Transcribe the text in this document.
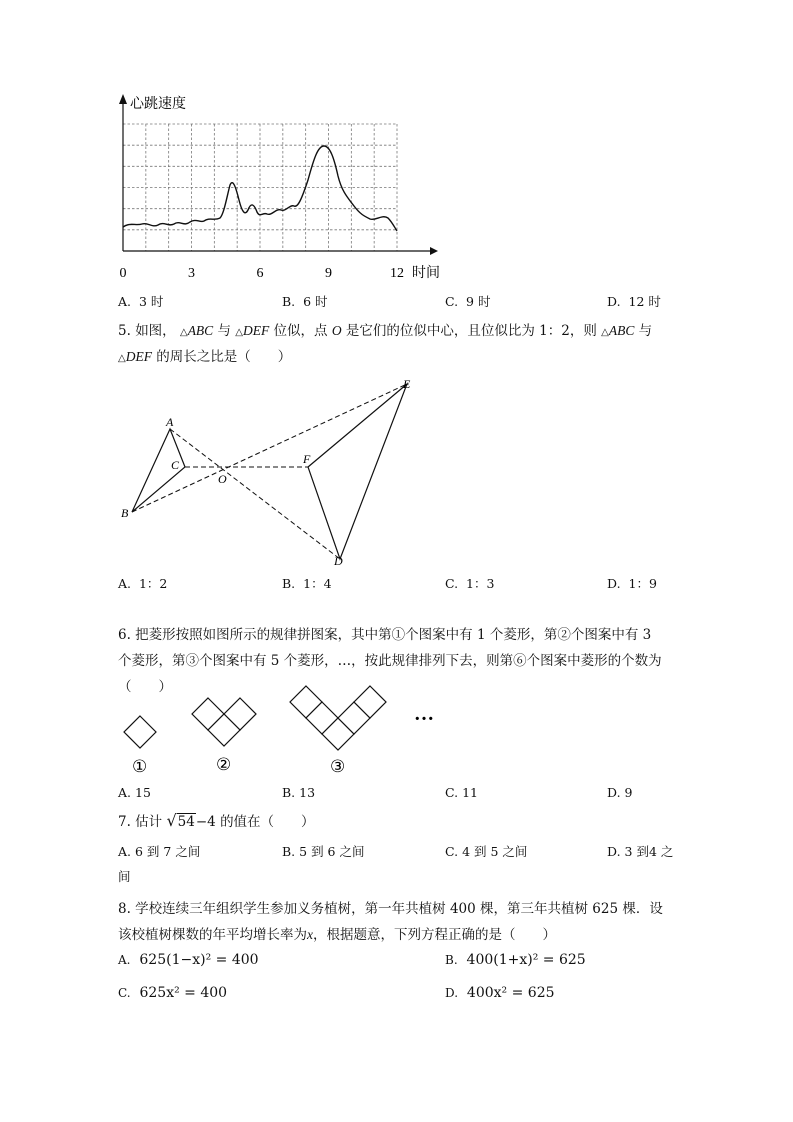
心跳速度
时间
0	3	6	9	12
A. 3 时	B. 6 时	C. 9 时	D. 12 时
5. 如图， △ABC 与 △DEF 位似，点 O 是它们的位似中心，且位似比为 1：2，则 △ABC 与
△DEF 的周长之比是（　　）
A
B
C
O
F
E
D
A. 1：2	B. 1：4	C. 1：3	D. 1：9
6. 把菱形按照如图所示的规律拼图案，其中第①个图案中有 1 个菱形，第②个图案中有 3
个菱形，第③个图案中有 5 个菱形，…，按此规律排列下去，则第⑥个图案中菱形的个数为
（　　）
…
①	②	③
A. 15	B. 13	C. 11	D. 9
7. 估计 √54−4 的值在（　　）
A. 6 到 7 之间	B. 5 到 6 之间	C. 4 到 5 之间	D. 3 到4 之
间
8. 学校连续三年组织学生参加义务植树，第一年共植树 400 棵，第三年共植树 625 棵．设
该校植树棵数的年平均增长率为x，根据题意，下列方程正确的是（　　）
A. 625(1−x)² = 400	B. 400(1+x)² = 625
C. 625x² = 400	D. 400x² = 625
